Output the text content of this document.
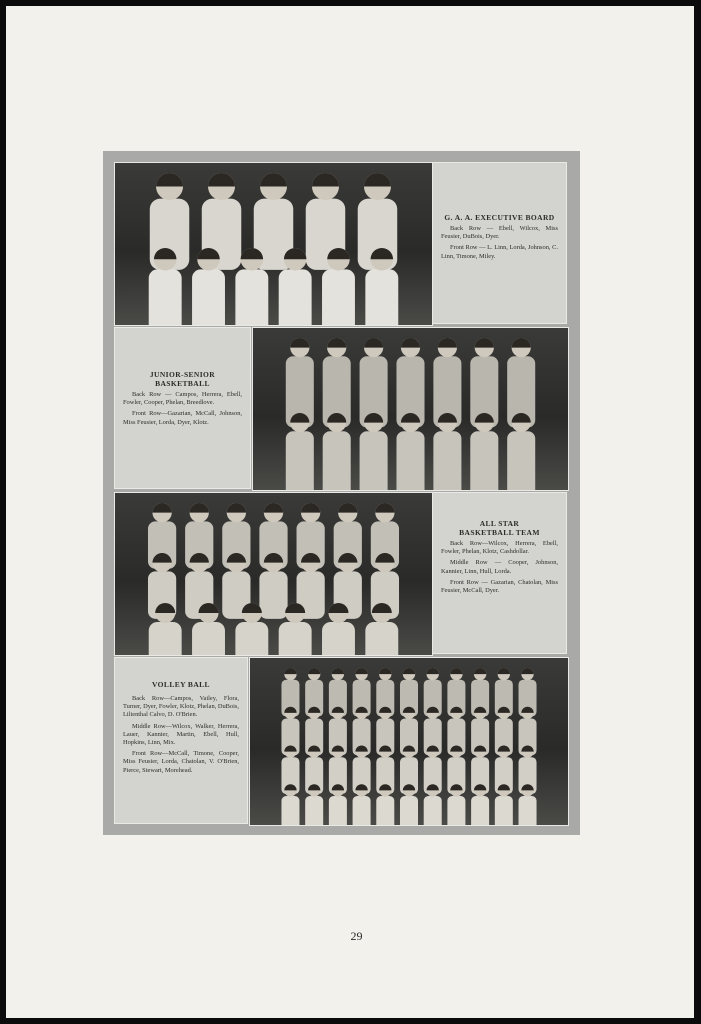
G. A. A. EXECUTIVE BOARD

Back Row — Ebell, Wilcox, Miss Feusier, DuBois, Dyer.

Front Row — L. Linn, Lorda, Johnson, C. Linn, Timone, Miley.

JUNIOR-SENIOR BASKETBALL

Back Row — Campos, Herrera, Ebell, Fowler, Cooper, Phelan, Breedlove.

Front Row—Gazarian, McCall, Johnson, Miss Feusier, Lorda, Dyer, Klotz.

ALL STAR BASKETBALL TEAM

Back Row—Wilcox, Herrera, Ebell, Fowler, Phelan, Klotz, Cashdollar.

Middle Row — Cooper, Johnson, Kannier, Linn, Hull, Lorda.

Front Row — Gazarian, Chatolan, Miss Feusier, McCall, Dyer.

VOLLEY BALL

Back Row—Campos, Vailey, Flora, Turner, Dyer, Fowler, Klotz, Phelan, DuBois, Lilienthal Calvo, D. O'Brien.

Middle Row—Wilcox, Walker, Herrera, Lauer, Kannier, Martin, Ebell, Hull, Hopkins, Linn, Mix.

Front Row—McCall, Timone, Cooper, Miss Feusier, Lorda, Chatolan, V. O'Brien, Pierce, Stewart, Morehead.

29
